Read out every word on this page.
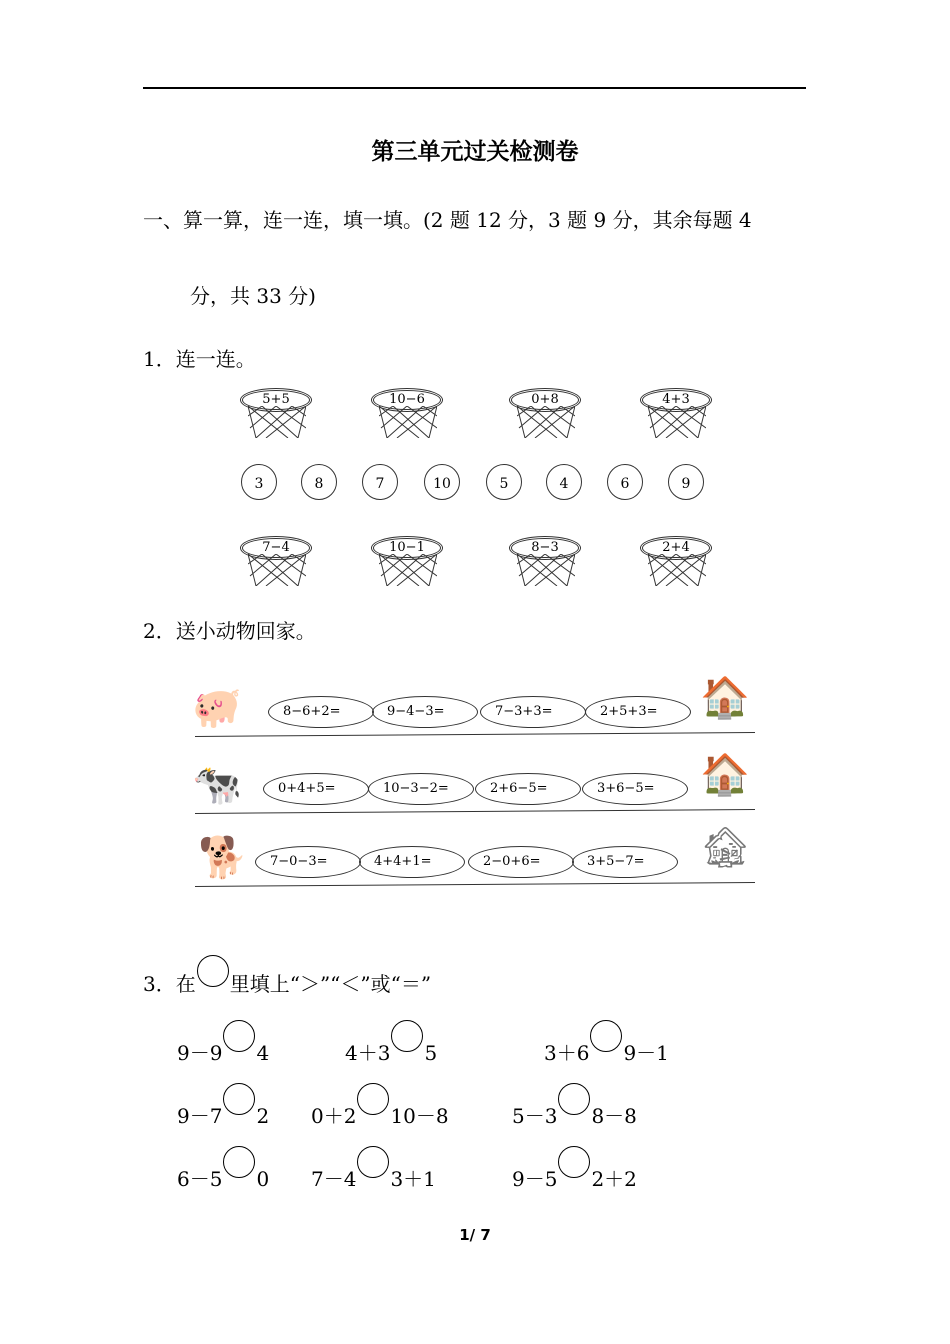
第三单元过关检测卷
一、算一算，连一连，填一填。(2 题 12 分，3 题 9 分，其余每题 4
分，共 33 分)
1．连一连。
5+5	10−6	0+8	4+3
7−4	10−1	8−3	2+4
3	8	7	10	5	4	6	9
2．送小动物回家。
🐖	🏠
8−6+2=	9−4−3=	7−3+3=	2+5+3=
🐄	🏠
0+4+5=	10−3−2=	2+6−5=	3+6−5=
🐕	🏚
7−0−3=	4+4+1=	2−0+6=	3+5−7=
3．在 里填上“＞”“＜”或“＝”
9－9 4	4＋3 5	3＋6 9－1
9－7 2 0＋2 10－8	5－3 8－8
6－5 0 7－4 3＋1	9－5 2＋2
1/ 7
